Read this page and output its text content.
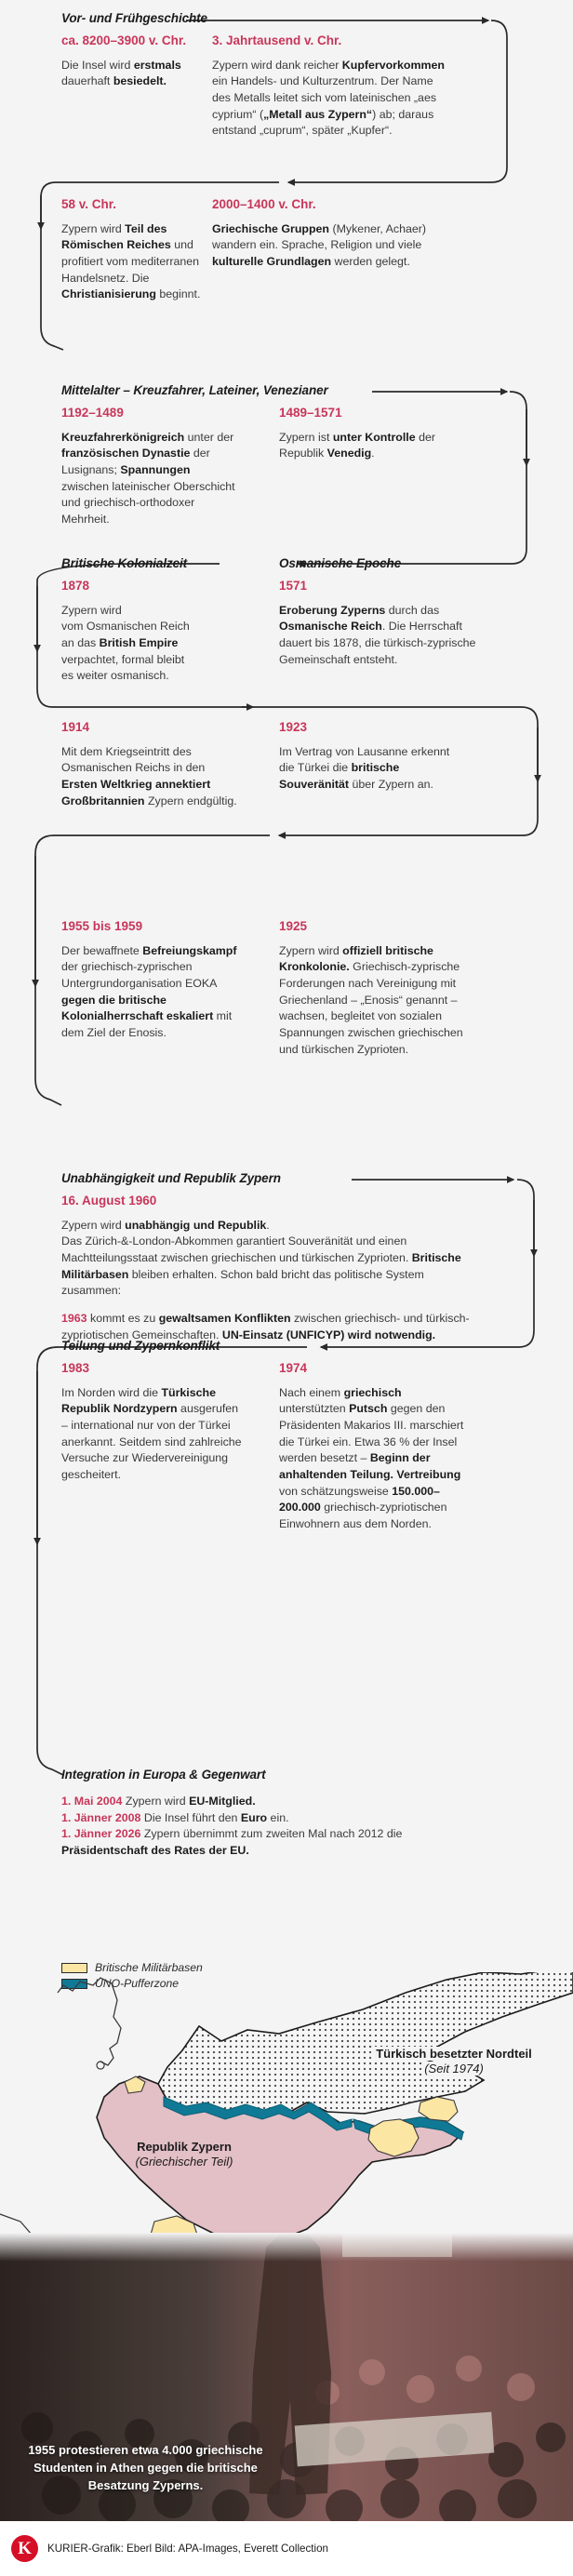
Vor- und Frühgeschichte
ca. 8200–3900 v. Chr.
Die Insel wird erstmals dauerhaft besiedelt.
3. Jahrtausend v. Chr.
Zypern wird dank reicher Kupfervorkommen ein Handels- und Kulturzentrum. Der Name des Metalls leitet sich vom lateinischen „aes cyprium“ („Metall aus Zypern“) ab; daraus entstand „cuprum“, später „Kupfer“.
58 v. Chr.
Zypern wird Teil des Römischen Reiches und profitiert vom mediterranen Handelsnetz. Die Christianisierung beginnt.
2000–1400 v. Chr.
Griechische Gruppen (Mykener, Achaer) wandern ein. Sprache, Religion und viele kulturelle Grundlagen werden gelegt.
Mittelalter – Kreuzfahrer, Lateiner, Venezianer
1192–1489
Kreuzfahrerkönigreich unter der französischen Dynastie der Lusignans; Spannungen zwischen lateinischer Oberschicht und griechisch-orthodoxer Mehrheit.
1489–1571
Zypern ist unter Kontrolle der Republik Venedig.
Britische Kolonialzeit	Osmanische Epoche
1878
Zypern wird
vom Osmanischen Reich
an das British Empire
verpachtet, formal bleibt
es weiter osmanisch.
1571
Eroberung Zyperns durch das Osmanische Reich. Die Herrschaft dauert bis 1878, die türkisch-zyprische Gemeinschaft entsteht.
1914
Mit dem Kriegseintritt des Osmanischen Reichs in den Ersten Weltkrieg annektiert Großbritannien Zypern endgültig.
1923
Im Vertrag von Lausanne erkennt die Türkei die britische Souveränität über Zypern an.
1955 bis 1959
Der bewaffnete Befreiungskampf der griechisch-zyprischen Untergrundorganisation EOKA gegen die britische Kolonialherrschaft eskaliert mit dem Ziel der Enosis.
1925
Zypern wird offiziell britische Kronkolonie. Griechisch-zyprische Forderungen nach Vereinigung mit Griechenland – „Enosis“ genannt – wachsen, begleitet von sozialen Spannungen zwischen griechischen und türkischen Zyprioten.
Unabhängigkeit und Republik Zypern
16. August 1960
Zypern wird unabhängig und Republik.
Das Zürich-&-London-Abkommen garantiert Souveränität und einen Machtteilungsstaat zwischen griechischen und türkischen Zyprioten. Britische Militärbasen bleiben erhalten. Schon bald bricht das politische System zusammen:
1963 kommt es zu gewaltsamen Konflikten zwischen griechisch- und türkisch-zypriotischen Gemeinschaften. UN-Einsatz (UNFICYP) wird notwendig.
Teilung und Zypernkonflikt
1983
Im Norden wird die Türkische Republik Nordzypern ausgerufen – international nur von der Türkei anerkannt. Seitdem sind zahlreiche Versuche zur Wiedervereinigung gescheitert.
1974
Nach einem griechisch unterstützten Putsch gegen den Präsidenten Makarios III. marschiert die Türkei ein. Etwa 36 % der Insel werden besetzt – Beginn der anhaltenden Teilung. Vertreibung von schätzungsweise 150.000–200.000 griechisch-zypriotischen Einwohnern aus dem Norden.
Integration in Europa & Gegenwart
1. Mai 2004 Zypern wird EU-Mitglied.
1. Jänner 2008 Die Insel führt den Euro ein.
1. Jänner 2026 Zypern übernimmt zum zweiten Mal nach 2012 die Präsidentschaft des Rates der EU.
Britische Militärbasen
UNO-Pufferzone
Türkisch besetzter Nordteil
(Seit 1974)
Republik Zypern
(Griechischer Teil)
1955 protestieren etwa 4.000 griechische Studenten in Athen gegen die britische Besatzung Zyperns.
K	KURIER-Grafik: Eberl Bild: APA-Images, Everett Collection
